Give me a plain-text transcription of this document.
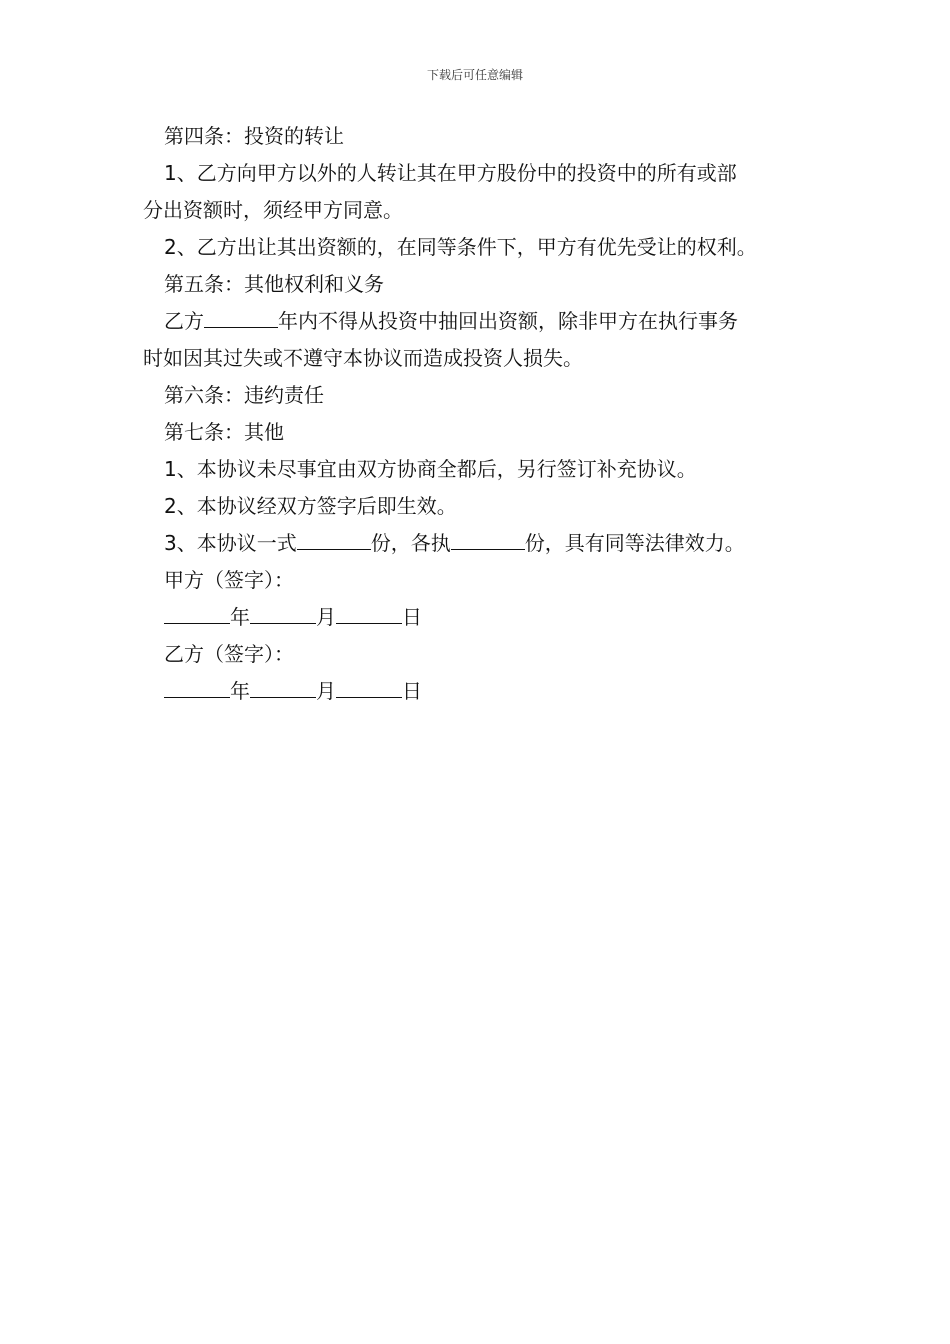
下载后可任意编辑
第四条：投资的转让
1、乙方向甲方以外的人转让其在甲方股份中的投资中的所有或部
分出资额时，须经甲方同意。
2、乙方出让其出资额的，在同等条件下，甲方有优先受让的权利。
第五条：其他权利和义务
乙方	年内不得从投资中抽回出资额，除非甲方在执行事务
时如因其过失或不遵守本协议而造成投资人损失。
第六条：违约责任
第七条：其他
1、本协议未尽事宜由双方协商全都后，另行签订补充协议。
2、本协议经双方签字后即生效。
3、本协议一式	份，各执	份，具有同等法律效力。
甲方（签字）：
年	月	日
乙方（签字）：
年	月	日
